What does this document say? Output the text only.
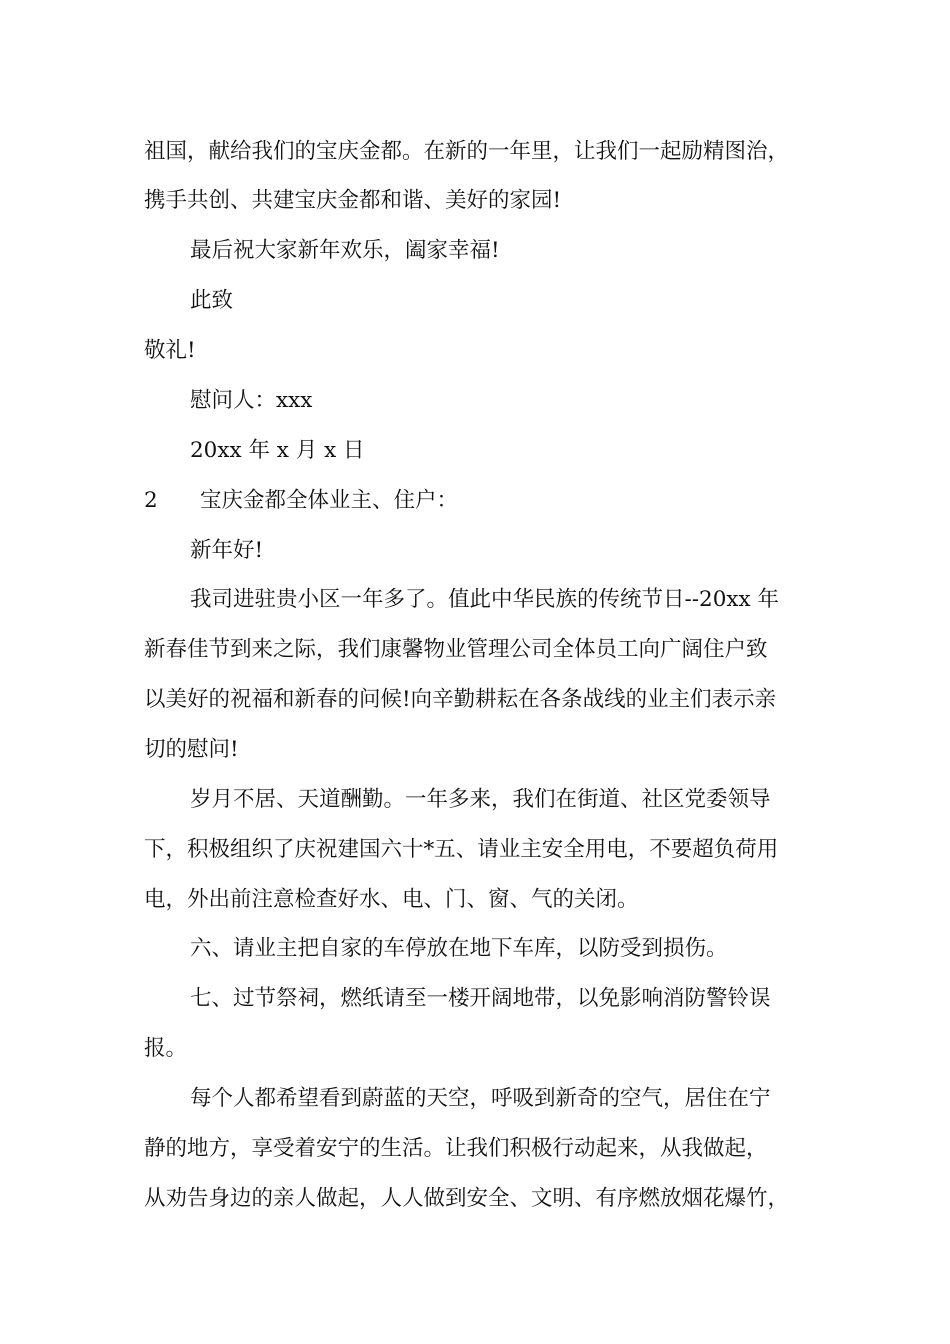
祖国，献给我们的宝庆金都。在新的一年里，让我们一起励精图治，

携手共创、共建宝庆金都和谐、美好的家园!

最后祝大家新年欢乐，阖家幸福!

此致

敬礼!

慰问人：xxx

20xx 年 x 月 x 日

2 宝庆金都全体业主、住户：

新年好!

我司进驻贵小区一年多了。值此中华民族的传统节日--20xx 年

新春佳节到来之际，我们康馨物业管理公司全体员工向广阔住户致

以美好的祝福和新春的问候!向辛勤耕耘在各条战线的业主们表示亲

切的慰问!

岁月不居、天道酬勤。一年多来，我们在街道、社区党委领导

下，积极组织了庆祝建国六十*五、请业主安全用电，不要超负荷用

电，外出前注意检查好水、电、门、窗、气的关闭。

六、请业主把自家的车停放在地下车库，以防受到损伤。

七、过节祭祠，燃纸请至一楼开阔地带，以免影响消防警铃误

报。

每个人都希望看到蔚蓝的天空，呼吸到新奇的空气，居住在宁

静的地方，享受着安宁的生活。让我们积极行动起来，从我做起，

从劝告身边的亲人做起，人人做到安全、文明、有序燃放烟花爆竹，
